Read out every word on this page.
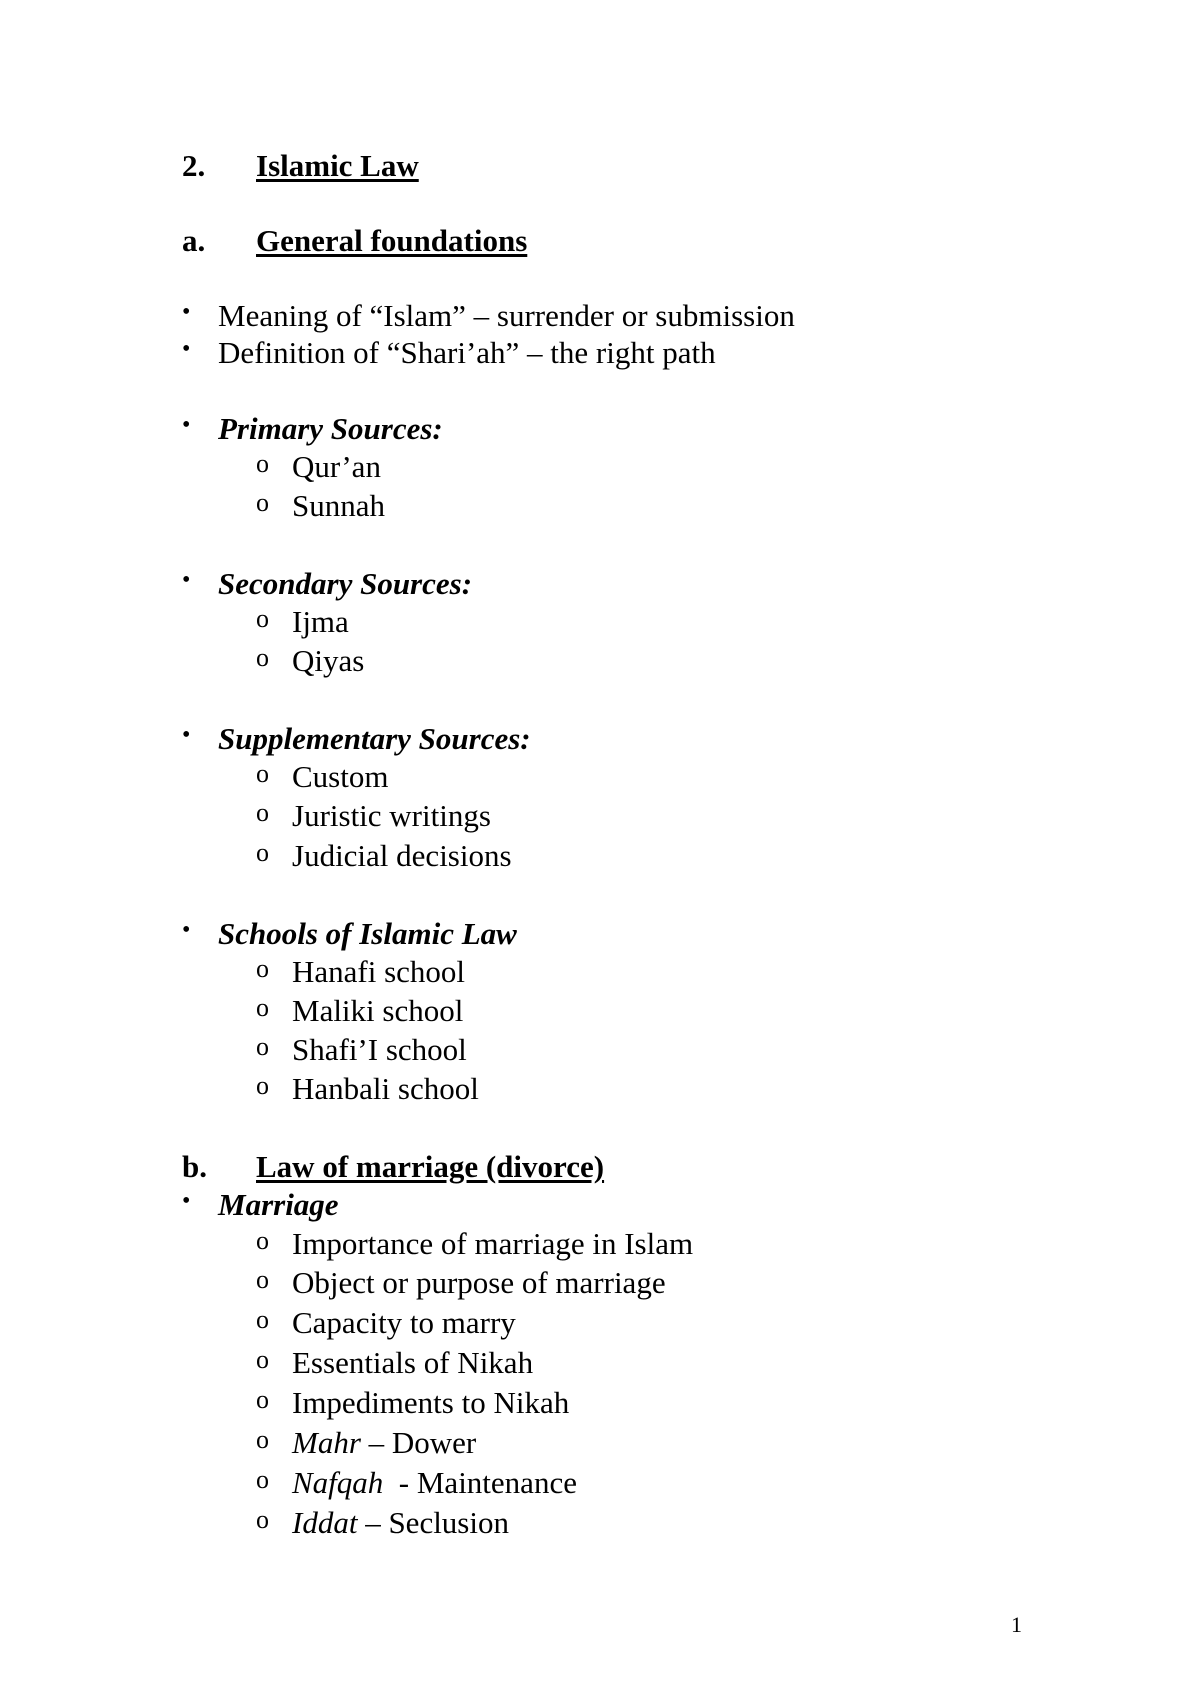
2. Islamic Law
a. General foundations
• Meaning of “Islam” – surrender or submission
• Definition of “Shari’ah” – the right path
• Primary Sources:
o Qur’an
o Sunnah
• Secondary Sources:
o Ijma
o Qiyas
• Supplementary Sources:
o Custom
o Juristic writings
o Judicial decisions
• Schools of Islamic Law
o Hanafi school
o Maliki school
o Shafi’I school
o Hanbali school
b. Law of marriage (divorce)
• Marriage
o Importance of marriage in Islam
o Object or purpose of marriage
o Capacity to marry
o Essentials of Nikah
o Impediments to Nikah
o Mahr – Dower
o Nafqah  - Maintenance
o Iddat – Seclusion
1
